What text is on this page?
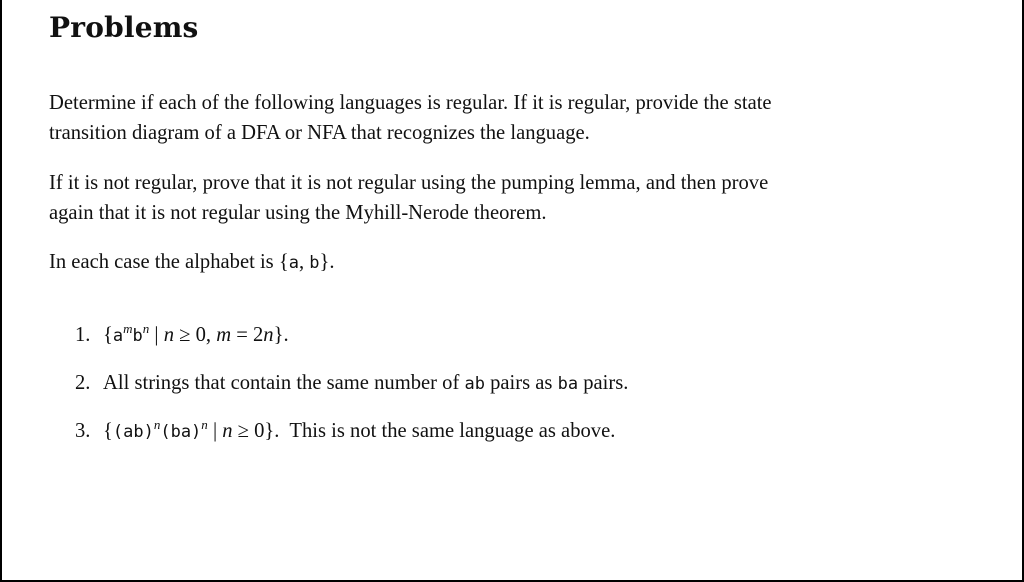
Problems

Determine if each of the following languages is regular. If it is regular, provide the state
transition diagram of a DFA or NFA that recognizes the language.

If it is not regular, prove that it is not regular using the pumping lemma, and then prove
again that it is not regular using the Myhill-Nerode theorem.

In each case the alphabet is {a, b}.

1. {$a^mb^n$ | n ≥ 0, m = 2n}.
2. All strings that contain the same number of ab pairs as ba pairs.
3. {(ab)$^n$(ba)$^n$ | n ≥ 0}.  This is not the same language as above.
